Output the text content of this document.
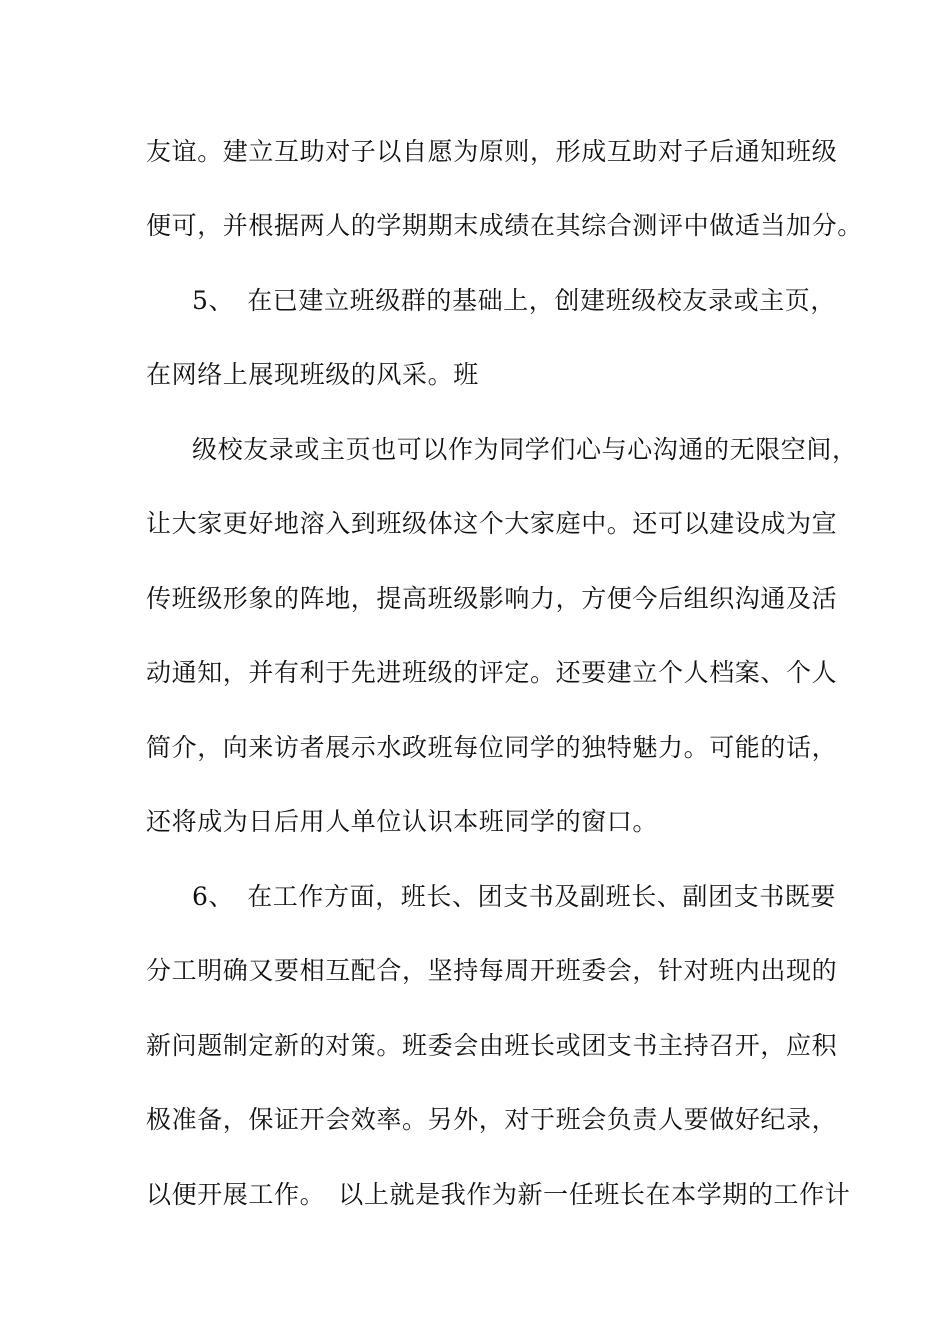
友谊。建立互助对子以自愿为原则，形成互助对子后通知班级
便可，并根据两人的学期期末成绩在其综合测评中做适当加分。
5、　在已建立班级群的基础上，创建班级校友录或主页，
在网络上展现班级的风采。班
级校友录或主页也可以作为同学们心与心沟通的无限空间，
让大家更好地溶入到班级体这个大家庭中。还可以建设成为宣
传班级形象的阵地，提高班级影响力，方便今后组织沟通及活
动通知，并有利于先进班级的评定。还要建立个人档案、个人
简介，向来访者展示水政班每位同学的独特魅力。可能的话，
还将成为日后用人单位认识本班同学的窗口。
6、　在工作方面，班长、团支书及副班长、副团支书既要
分工明确又要相互配合，坚持每周开班委会，针对班内出现的
新问题制定新的对策。班委会由班长或团支书主持召开，应积
极准备，保证开会效率。另外，对于班会负责人要做好纪录，
以便开展工作。　以上就是我作为新一任班长在本学期的工作计
